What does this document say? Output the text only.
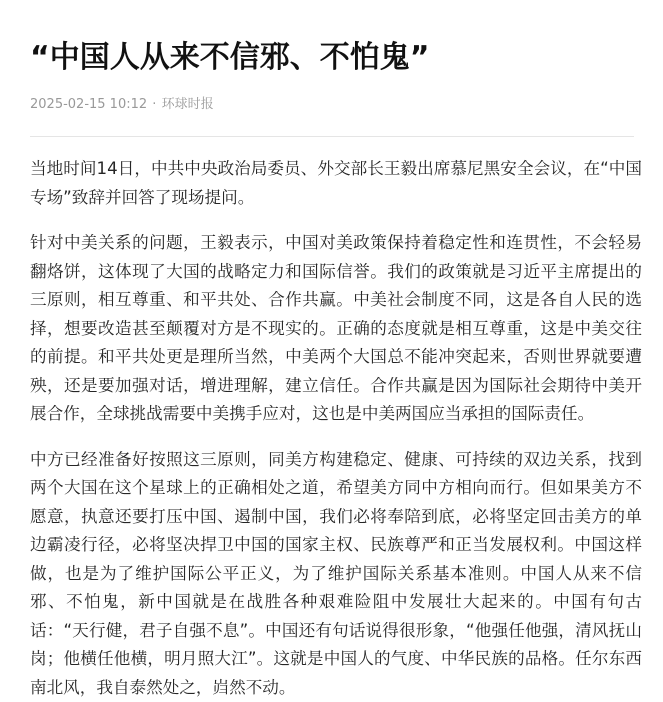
“中国人从来不信邪、不怕鬼”
2025-02-15 10:12 · 环球时报

当地时间14日，中共中央政治局委员、外交部长王毅出席慕尼黑安全会议，在“中国专场”致辞并回答了现场提问。

针对中美关系的问题，王毅表示，中国对美政策保持着稳定性和连贯性，不会轻易翻烙饼，这体现了大国的战略定力和国际信誉。我们的政策就是习近平主席提出的三原则，相互尊重、和平共处、合作共赢。中美社会制度不同，这是各自人民的选择，想要改造甚至颠覆对方是不现实的。正确的态度就是相互尊重，这是中美交往的前提。和平共处更是理所当然，中美两个大国总不能冲突起来，否则世界就要遭殃，还是要加强对话，增进理解，建立信任。合作共赢是因为国际社会期待中美开展合作，全球挑战需要中美携手应对，这也是中美两国应当承担的国际责任。

中方已经准备好按照这三原则，同美方构建稳定、健康、可持续的双边关系，找到两个大国在这个星球上的正确相处之道，希望美方同中方相向而行。但如果美方不愿意，执意还要打压中国、遏制中国，我们必将奉陪到底，必将坚定回击美方的单边霸凌行径，必将坚决捍卫中国的国家主权、民族尊严和正当发展权利。中国这样做，也是为了维护国际公平正义，为了维护国际关系基本准则。中国人从来不信邪、不怕鬼，新中国就是在战胜各种艰难险阻中发展壮大起来的。中国有句古话：“天行健，君子自强不息”。中国还有句话说得很形象，“他强任他强，清风抚山岗；他横任他横，明月照大江”。这就是中国人的气度、中华民族的品格。任尔东西南北风，我自泰然处之，岿然不动。
